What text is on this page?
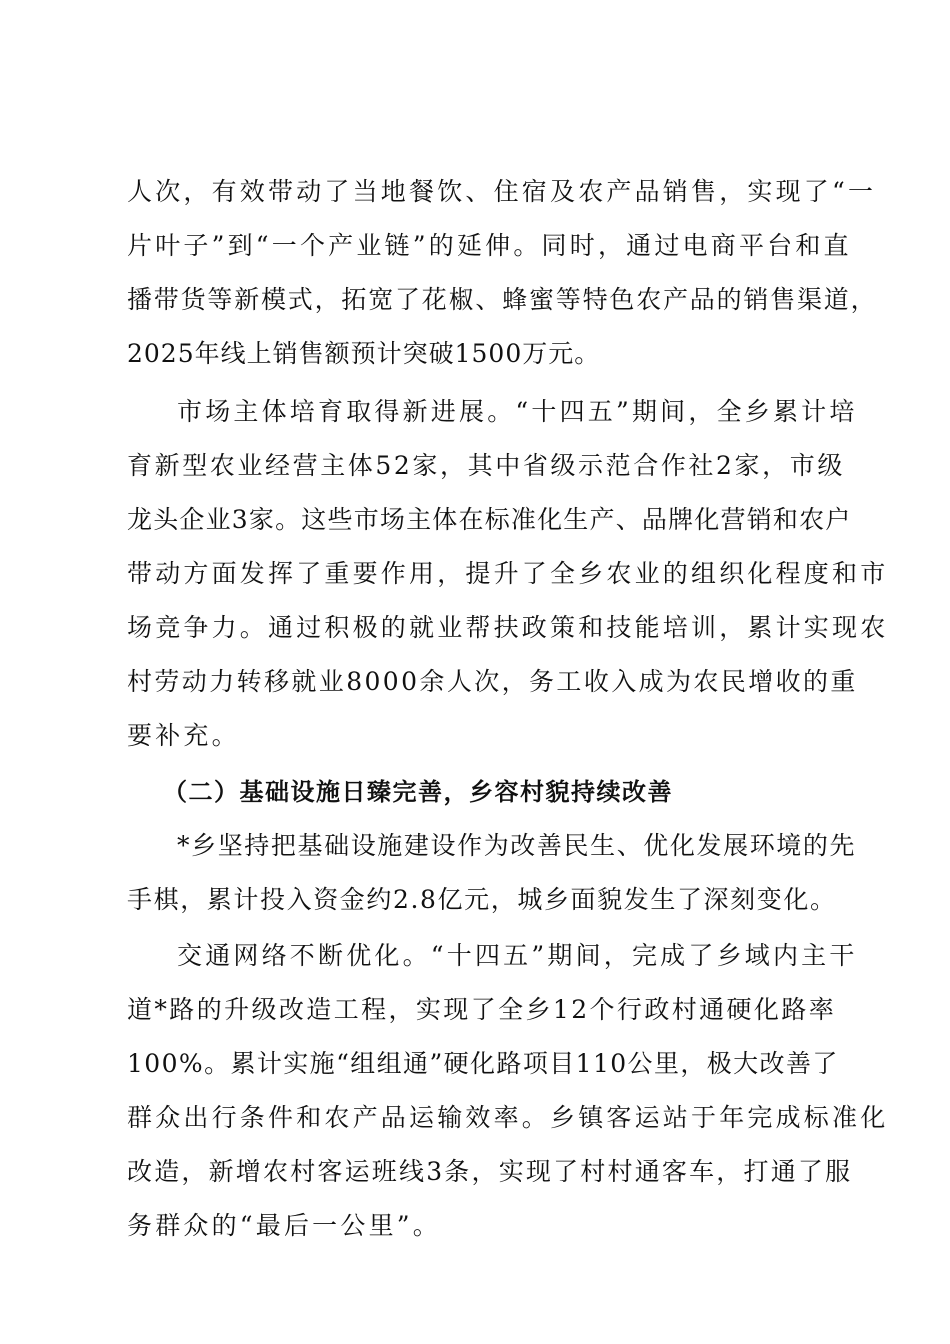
人次，有效带动了当地餐饮、住宿及农产品销售，实现了“一
片叶子”到“一个产业链”的延伸。同时，通过电商平台和直
播带货等新模式，拓宽了花椒、蜂蜜等特色农产品的销售渠道，
2025年线上销售额预计突破1500万元。
市场主体培育取得新进展。“十四五”期间，全乡累计培
育新型农业经营主体52家，其中省级示范合作社2家，市级
龙头企业3家。这些市场主体在标准化生产、品牌化营销和农户
带动方面发挥了重要作用，提升了全乡农业的组织化程度和市
场竞争力。通过积极的就业帮扶政策和技能培训，累计实现农
村劳动力转移就业8000余人次，务工收入成为农民增收的重
要补充。
（二）基础设施日臻完善，乡容村貌持续改善
*乡坚持把基础设施建设作为改善民生、优化发展环境的先
手棋，累计投入资金约2.8亿元，城乡面貌发生了深刻变化。
交通网络不断优化。“十四五”期间，完成了乡域内主干
道*路的升级改造工程，实现了全乡12个行政村通硬化路率
100%。累计实施“组组通”硬化路项目110公里，极大改善了
群众出行条件和农产品运输效率。乡镇客运站于年完成标准化
改造，新增农村客运班线3条，实现了村村通客车，打通了服
务群众的“最后一公里”。
